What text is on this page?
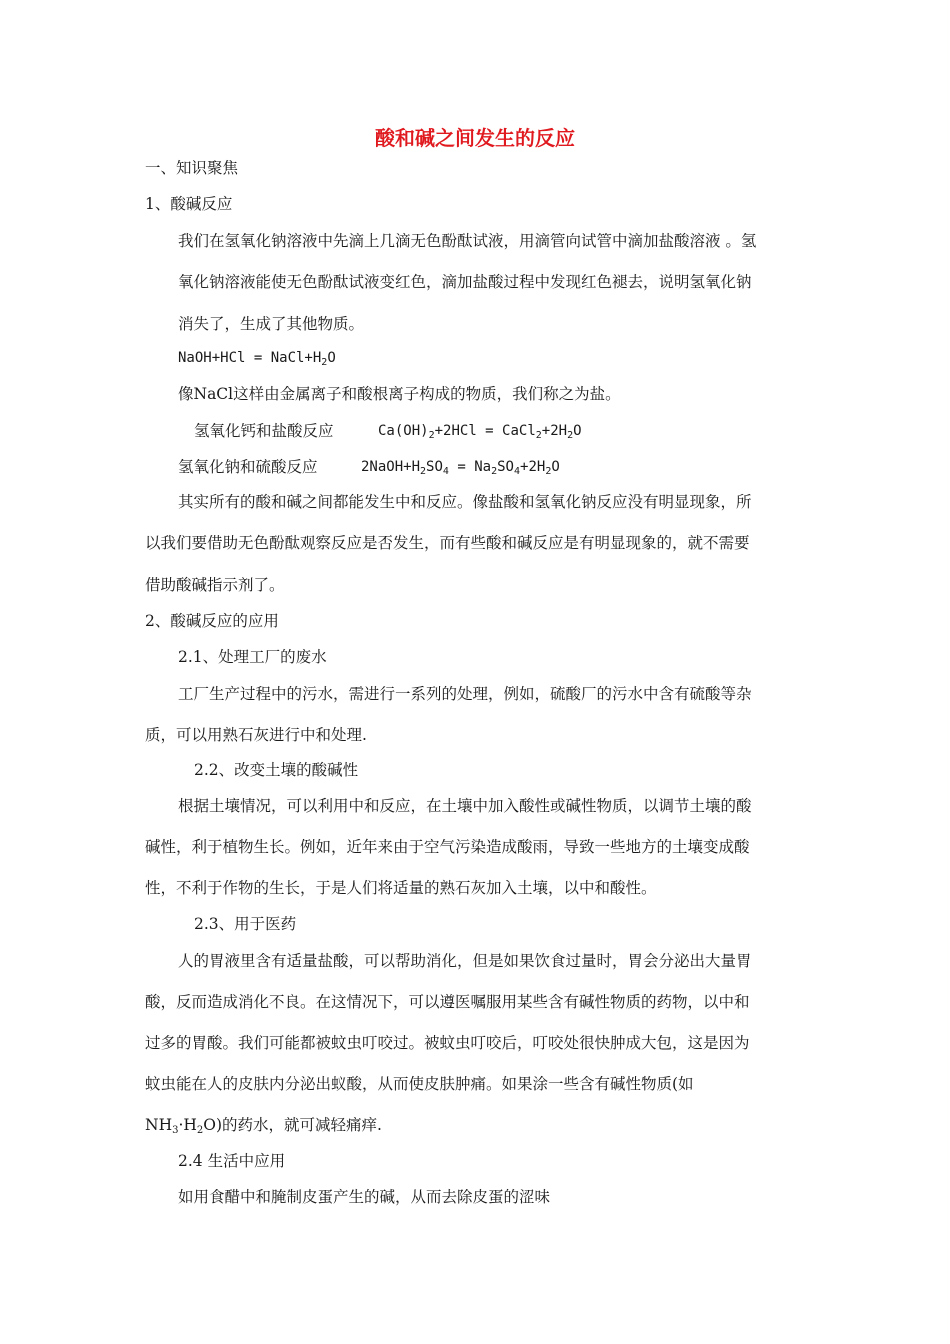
酸和碱之间发生的反应
一、知识聚焦
1、酸碱反应
我们在氢氧化钠溶液中先滴上几滴无色酚酞试液，用滴管向试管中滴加盐酸溶液 。氢
氧化钠溶液能使无色酚酞试液变红色，滴加盐酸过程中发现红色褪去，说明氢氧化钠
消失了，生成了其他物质。
NaOH+HCl = $NaCl+H_2O$
像NaCl这样由金属离子和酸根离子构成的物质，我们称之为盐。
氢氧化钙和盐酸反应	$Ca(OH)_2+2HCl$ = $CaCl_2+2H_2O$
氢氧化钠和硫酸反应	$2NaOH+H_2SO_4 = Na_2SO_4+2H_2O$
其实所有的酸和碱之间都能发生中和反应。像盐酸和氢氧化钠反应没有明显现象，所
以我们要借助无色酚酞观察反应是否发生，而有些酸和碱反应是有明显现象的，就不需要
借助酸碱指示剂了。
2、酸碱反应的应用
2.1、处理工厂的废水
工厂生产过程中的污水，需进行一系列的处理，例如，硫酸厂的污水中含有硫酸等杂
质，可以用熟石灰进行中和处理.
2.2、改变土壤的酸碱性
根据土壤情况，可以利用中和反应，在土壤中加入酸性或碱性物质，以调节土壤的酸
碱性，利于植物生长。例如，近年来由于空气污染造成酸雨，导致一些地方的土壤变成酸
性，不利于作物的生长，于是人们将适量的熟石灰加入土壤，以中和酸性。
2.3、用于医药
人的胃液里含有适量盐酸，可以帮助消化，但是如果饮食过量时，胃会分泌出大量胃
酸，反而造成消化不良。在这情况下，可以遵医嘱服用某些含有碱性物质的药物，以中和
过多的胃酸。我们可能都被蚊虫叮咬过。被蚊虫叮咬后，叮咬处很快肿成大包，这是因为
蚊虫能在人的皮肤内分泌出蚁酸，从而使皮肤肿痛。如果涂一些含有碱性物质(如
$NH_3\cdot H_2O$)的药水，就可减轻痛痒.
2.4 生活中应用
如用食醋中和腌制皮蛋产生的碱，从而去除皮蛋的涩味
